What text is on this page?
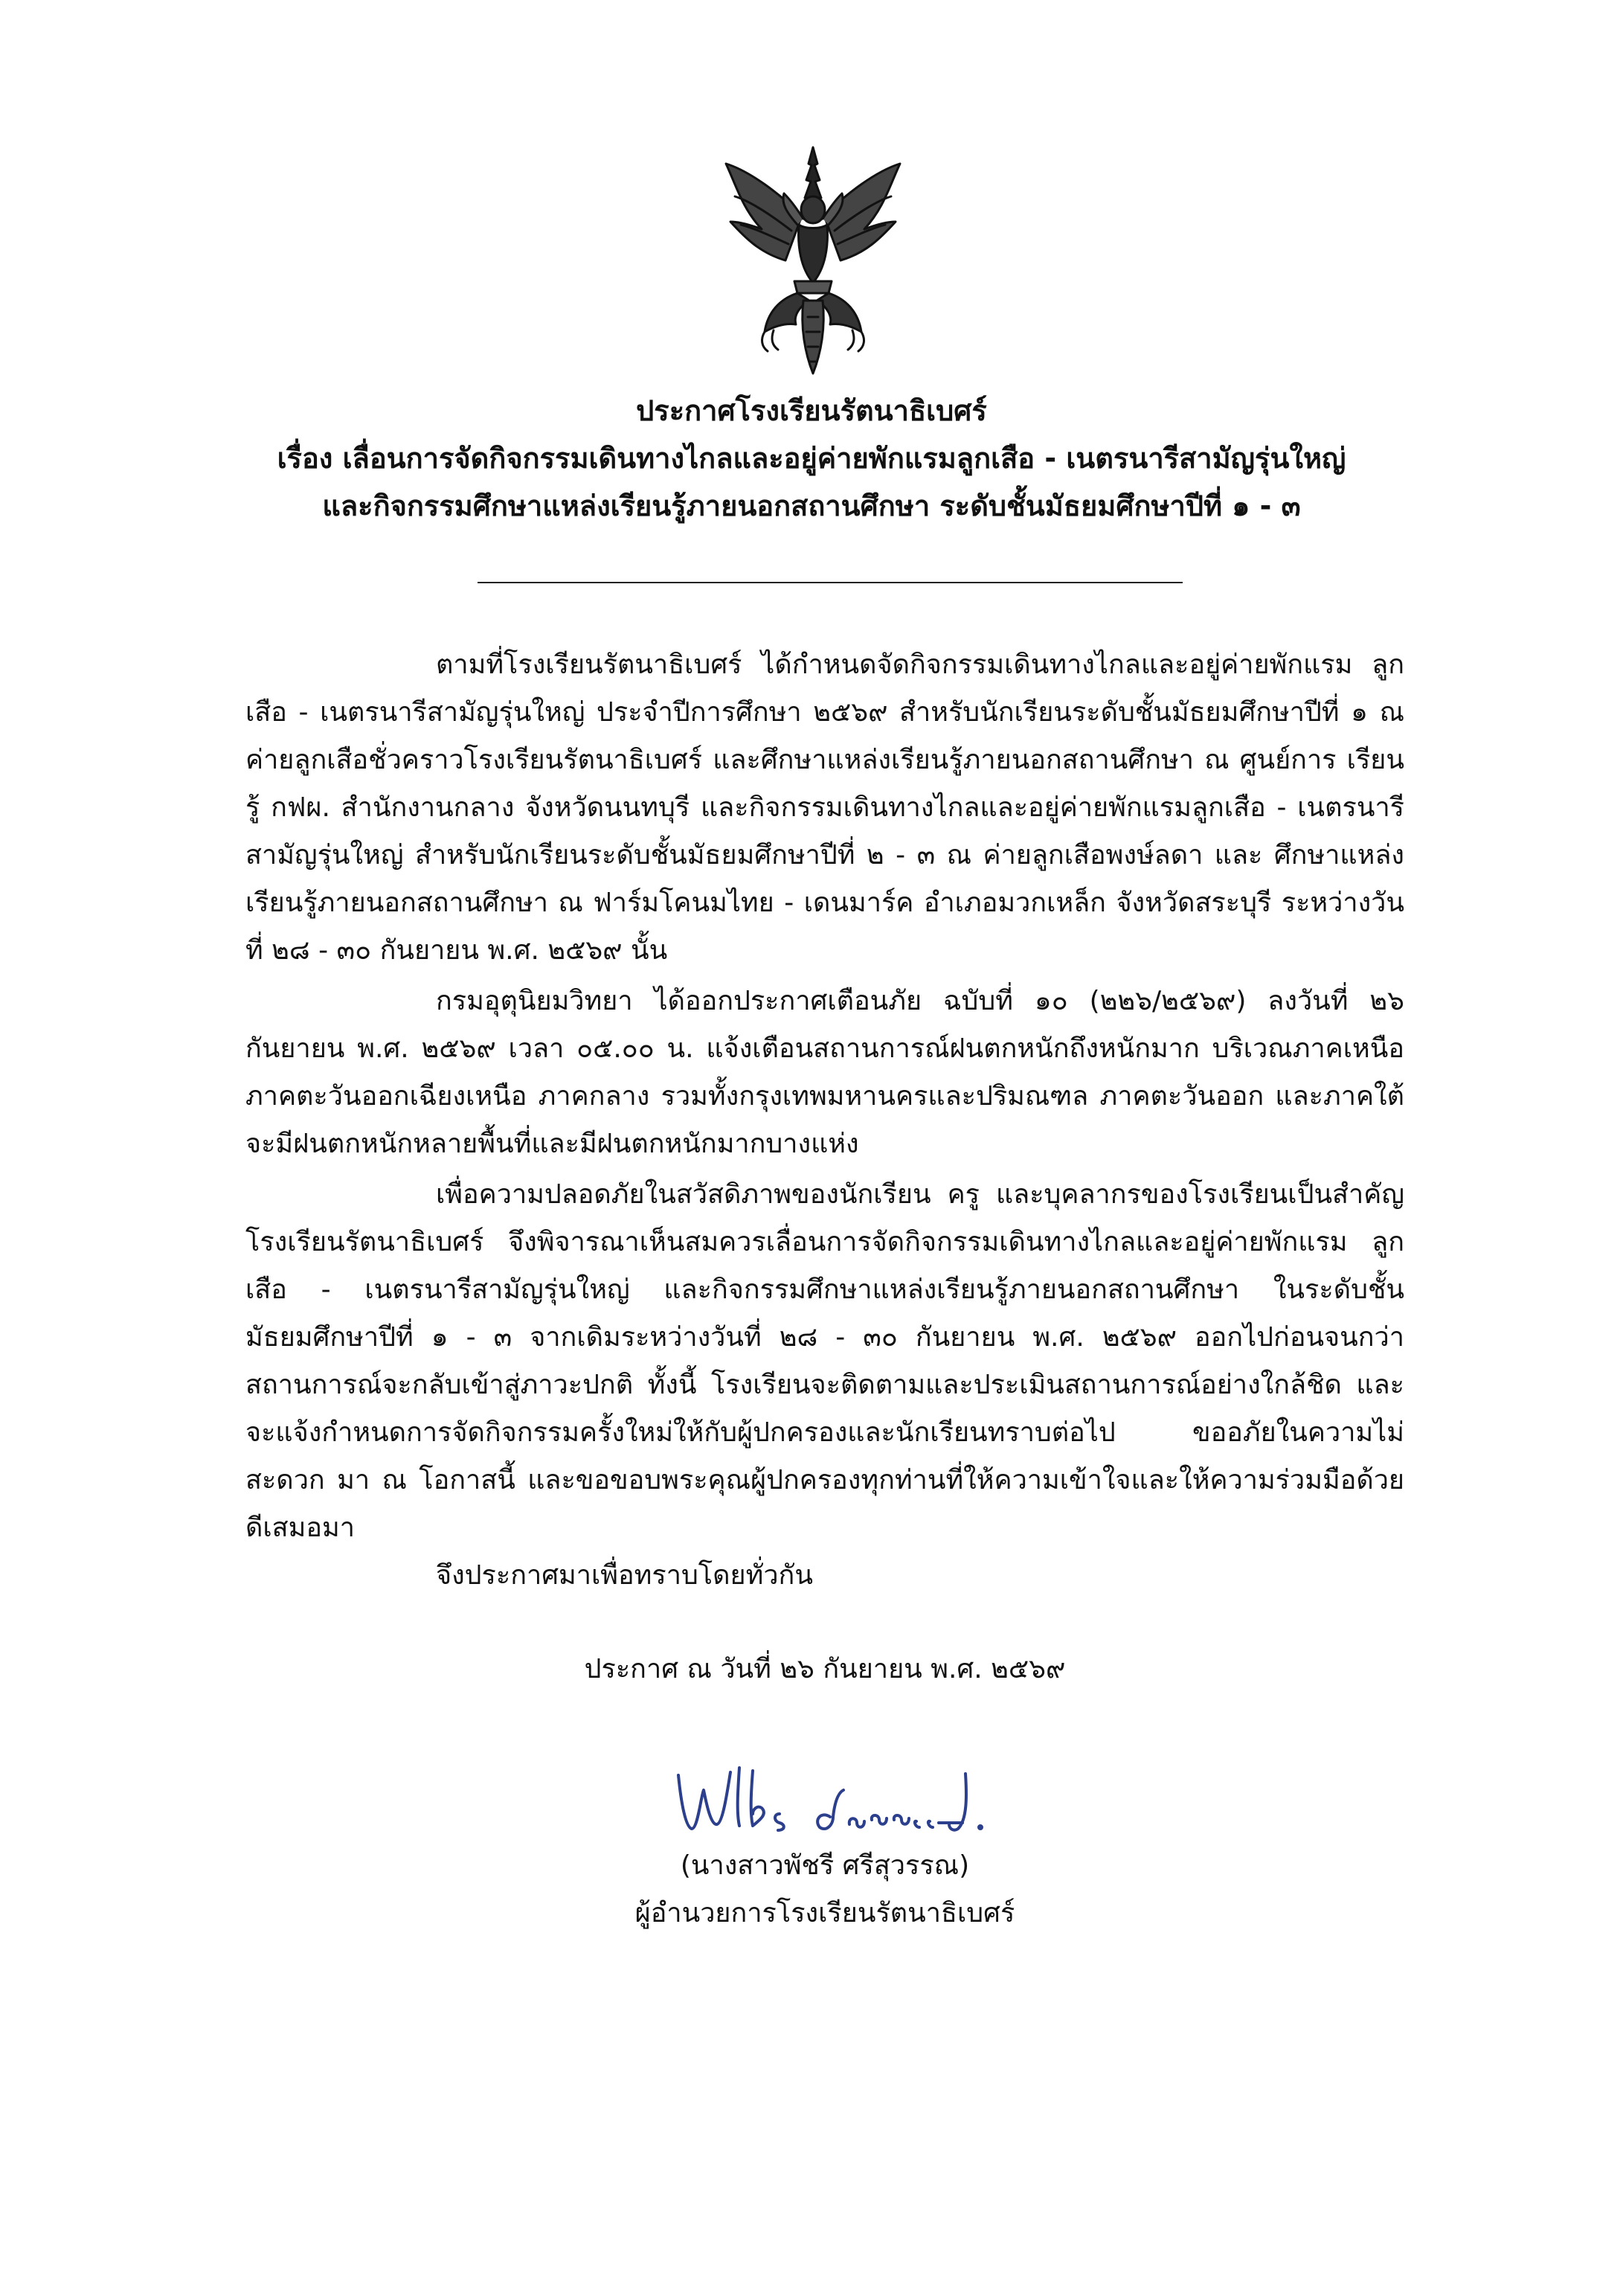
ประกาศโรงเรียนรัตนาธิเบศร์
เรื่อง เลื่อนการจัดกิจกรรมเดินทางไกลและอยู่ค่ายพักแรมลูกเสือ - เนตรนารีสามัญรุ่นใหญ่
และกิจกรรมศึกษาแหล่งเรียนรู้ภายนอกสถานศึกษา ระดับชั้นมัธยมศึกษาปีที่ ๑ - ๓

ตามที่โรงเรียนรัตนาธิเบศร์ ได้กำหนดจัดกิจกรรมเดินทางไกลและอยู่ค่ายพักแรม ลูกเสือ - เนตรนารีสามัญรุ่นใหญ่ ประจำปีการศึกษา ๒๕๖๙ สำหรับนักเรียนระดับชั้นมัธยมศึกษาปีที่ ๑ ณ ค่ายลูกเสือชั่วคราวโรงเรียนรัตนาธิเบศร์ และศึกษาแหล่งเรียนรู้ภายนอกสถานศึกษา ณ ศูนย์การ เรียนรู้ กฟผ. สำนักงานกลาง จังหวัดนนทบุรี และกิจกรรมเดินทางไกลและอยู่ค่ายพักแรมลูกเสือ - เนตรนารีสามัญรุ่นใหญ่ สำหรับนักเรียนระดับชั้นมัธยมศึกษาปีที่ ๒ - ๓ ณ ค่ายลูกเสือพงษ์ลดา และ ศึกษาแหล่งเรียนรู้ภายนอกสถานศึกษา ณ ฟาร์มโคนมไทย - เดนมาร์ค อำเภอมวกเหล็ก จังหวัดสระบุรี ระหว่างวันที่ ๒๘ - ๓๐ กันยายน พ.ศ. ๒๕๖๙ นั้น

กรมอุตุนิยมวิทยา ได้ออกประกาศเตือนภัย ฉบับที่ ๑๐ (๒๒๖/๒๕๖๙) ลงวันที่ ๒๖ กันยายน พ.ศ. ๒๕๖๙ เวลา ๐๕.๐๐ น. แจ้งเตือนสถานการณ์ฝนตกหนักถึงหนักมาก บริเวณภาคเหนือ ภาคตะวันออกเฉียงเหนือ ภาคกลาง รวมทั้งกรุงเทพมหานครและปริมณฑล ภาคตะวันออก และภาคใต้ จะมีฝนตกหนักหลายพื้นที่และมีฝนตกหนักมากบางแห่ง

เพื่อความปลอดภัยในสวัสดิภาพของนักเรียน ครู และบุคลากรของโรงเรียนเป็นสำคัญ โรงเรียนรัตนาธิเบศร์ จึงพิจารณาเห็นสมควรเลื่อนการจัดกิจกรรมเดินทางไกลและอยู่ค่ายพักแรม ลูกเสือ - เนตรนารีสามัญรุ่นใหญ่ และกิจกรรมศึกษาแหล่งเรียนรู้ภายนอกสถานศึกษา ในระดับชั้น มัธยมศึกษาปีที่ ๑ - ๓ จากเดิมระหว่างวันที่ ๒๘ - ๓๐ กันยายน พ.ศ. ๒๕๖๙ ออกไปก่อนจนกว่า สถานการณ์จะกลับเข้าสู่ภาวะปกติ ทั้งนี้ โรงเรียนจะติดตามและประเมินสถานการณ์อย่างใกล้ชิด และ จะแจ้งกำหนดการจัดกิจกรรมครั้งใหม่ให้กับผู้ปกครองและนักเรียนทราบต่อไป ขออภัยในความไม่สะดวก มา ณ โอกาสนี้ และขอขอบพระคุณผู้ปกครองทุกท่านที่ให้ความเข้าใจและให้ความร่วมมือด้วยดีเสมอมา

จึงประกาศมาเพื่อทราบโดยทั่วกัน
ประกาศ ณ วันที่ ๒๖ กันยายน พ.ศ. ๒๕๖๙
(นางสาวพัชรี ศรีสุวรรณ)
ผู้อำนวยการโรงเรียนรัตนาธิเบศร์
